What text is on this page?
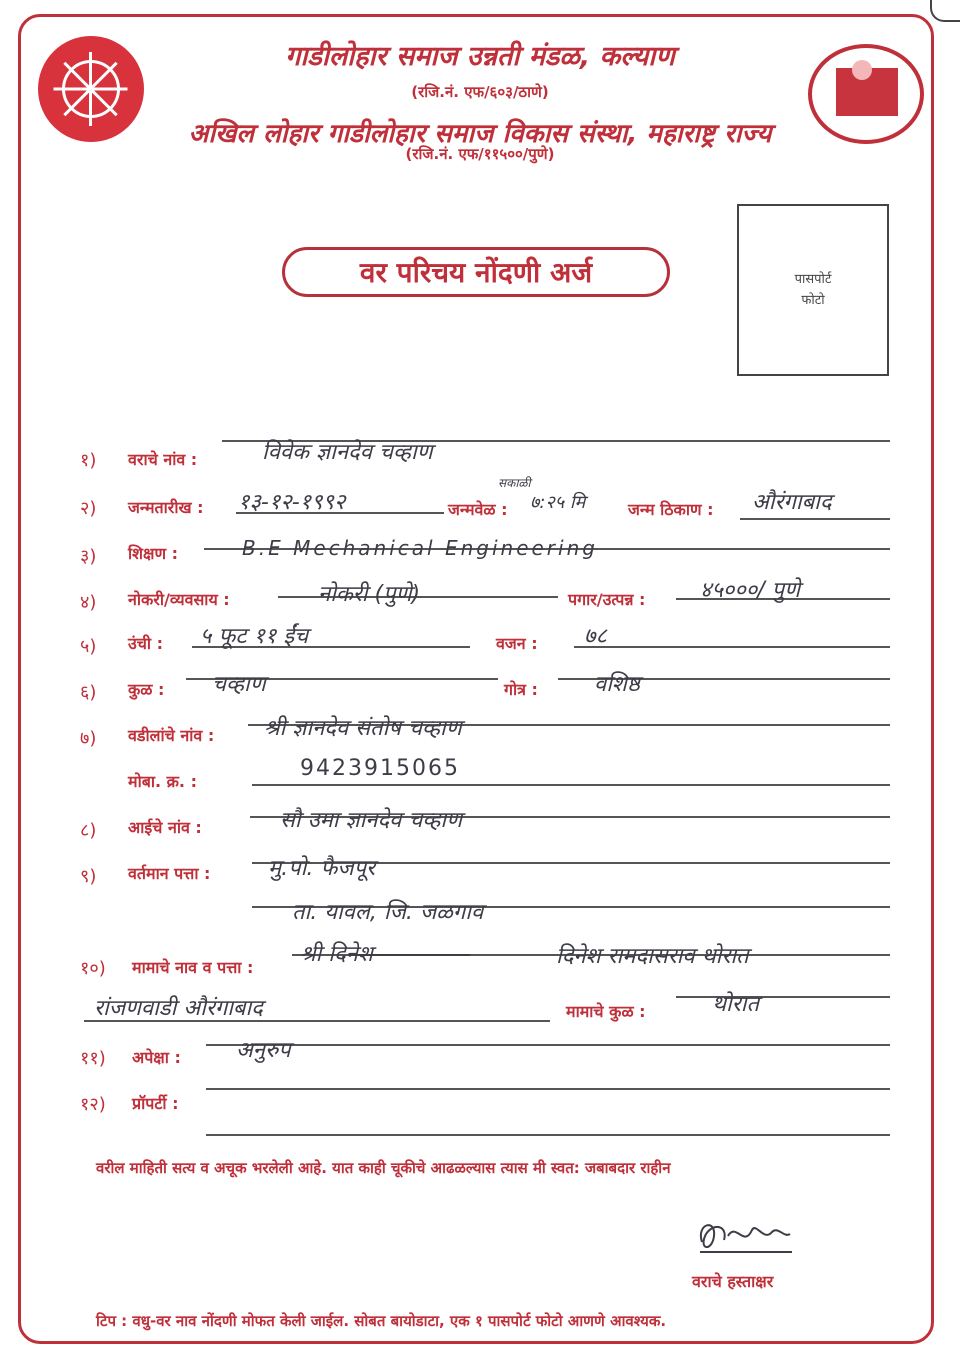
गाडीलोहार समाज उन्नती मंडळ, कल्याण
(रजि.नं. एफ/६०३/ठाणे)
अखिल लोहार गाडीलोहार समाज विकास संस्था, महाराष्ट्र राज्य
(रजि.नं. एफ/११५००/पुणे)
वर परिचय नोंदणी अर्ज	पासपोर्ट
फोटो
१) वराचे नांव :	विवेक ज्ञानदेव चव्हाण
२) जन्मतारीख : १३-१२-१९९२	जन्मवेळ :
सकाळी
७:२५ मि	जन्म ठिकाण : औरंगाबाद
३) शिक्षण :	B.E Mechanical Engineering
४) नोकरी/व्यवसाय :	नोकरी (पुणे)	पगार/उत्पन्न : ४५०००/ पुणे
५) उंची : ५ फूट ११ ईंच	वजन : ७८
६) कुळ : चव्हाण	गोत्र :	वशिष्ठ
७) वडीलांचे नांव : श्री ज्ञानदेव संतोष चव्हाण
मोबा. क्र. :
9423915065
८) आईचे नांव :	सौ उमा ज्ञानदेव चव्हाण
९) वर्तमान पत्ता :	मु.पो. फैजपूर
ता. यावल, जि. जळगाव
१०) मामाचे नाव व पत्ता :
श्री दिनेश	दिनेश रामदासराव थोरात
रांजणवाडी औरंगाबाद	मामाचे कुळ :	थोरात
११) अपेक्षा :	अनुरुप
१२) प्रॉपर्टी :
वरील माहिती सत्य व अचूक भरलेली आहे. यात काही चूकीचे आढळल्यास त्यास मी स्वत: जबाबदार राहीन
वराचे हस्ताक्षर
टिप : वधु-वर नाव नोंदणी मोफत केली जाईल. सोबत बायोडाटा, एक १ पासपोर्ट फोटो आणणे आवश्यक.
